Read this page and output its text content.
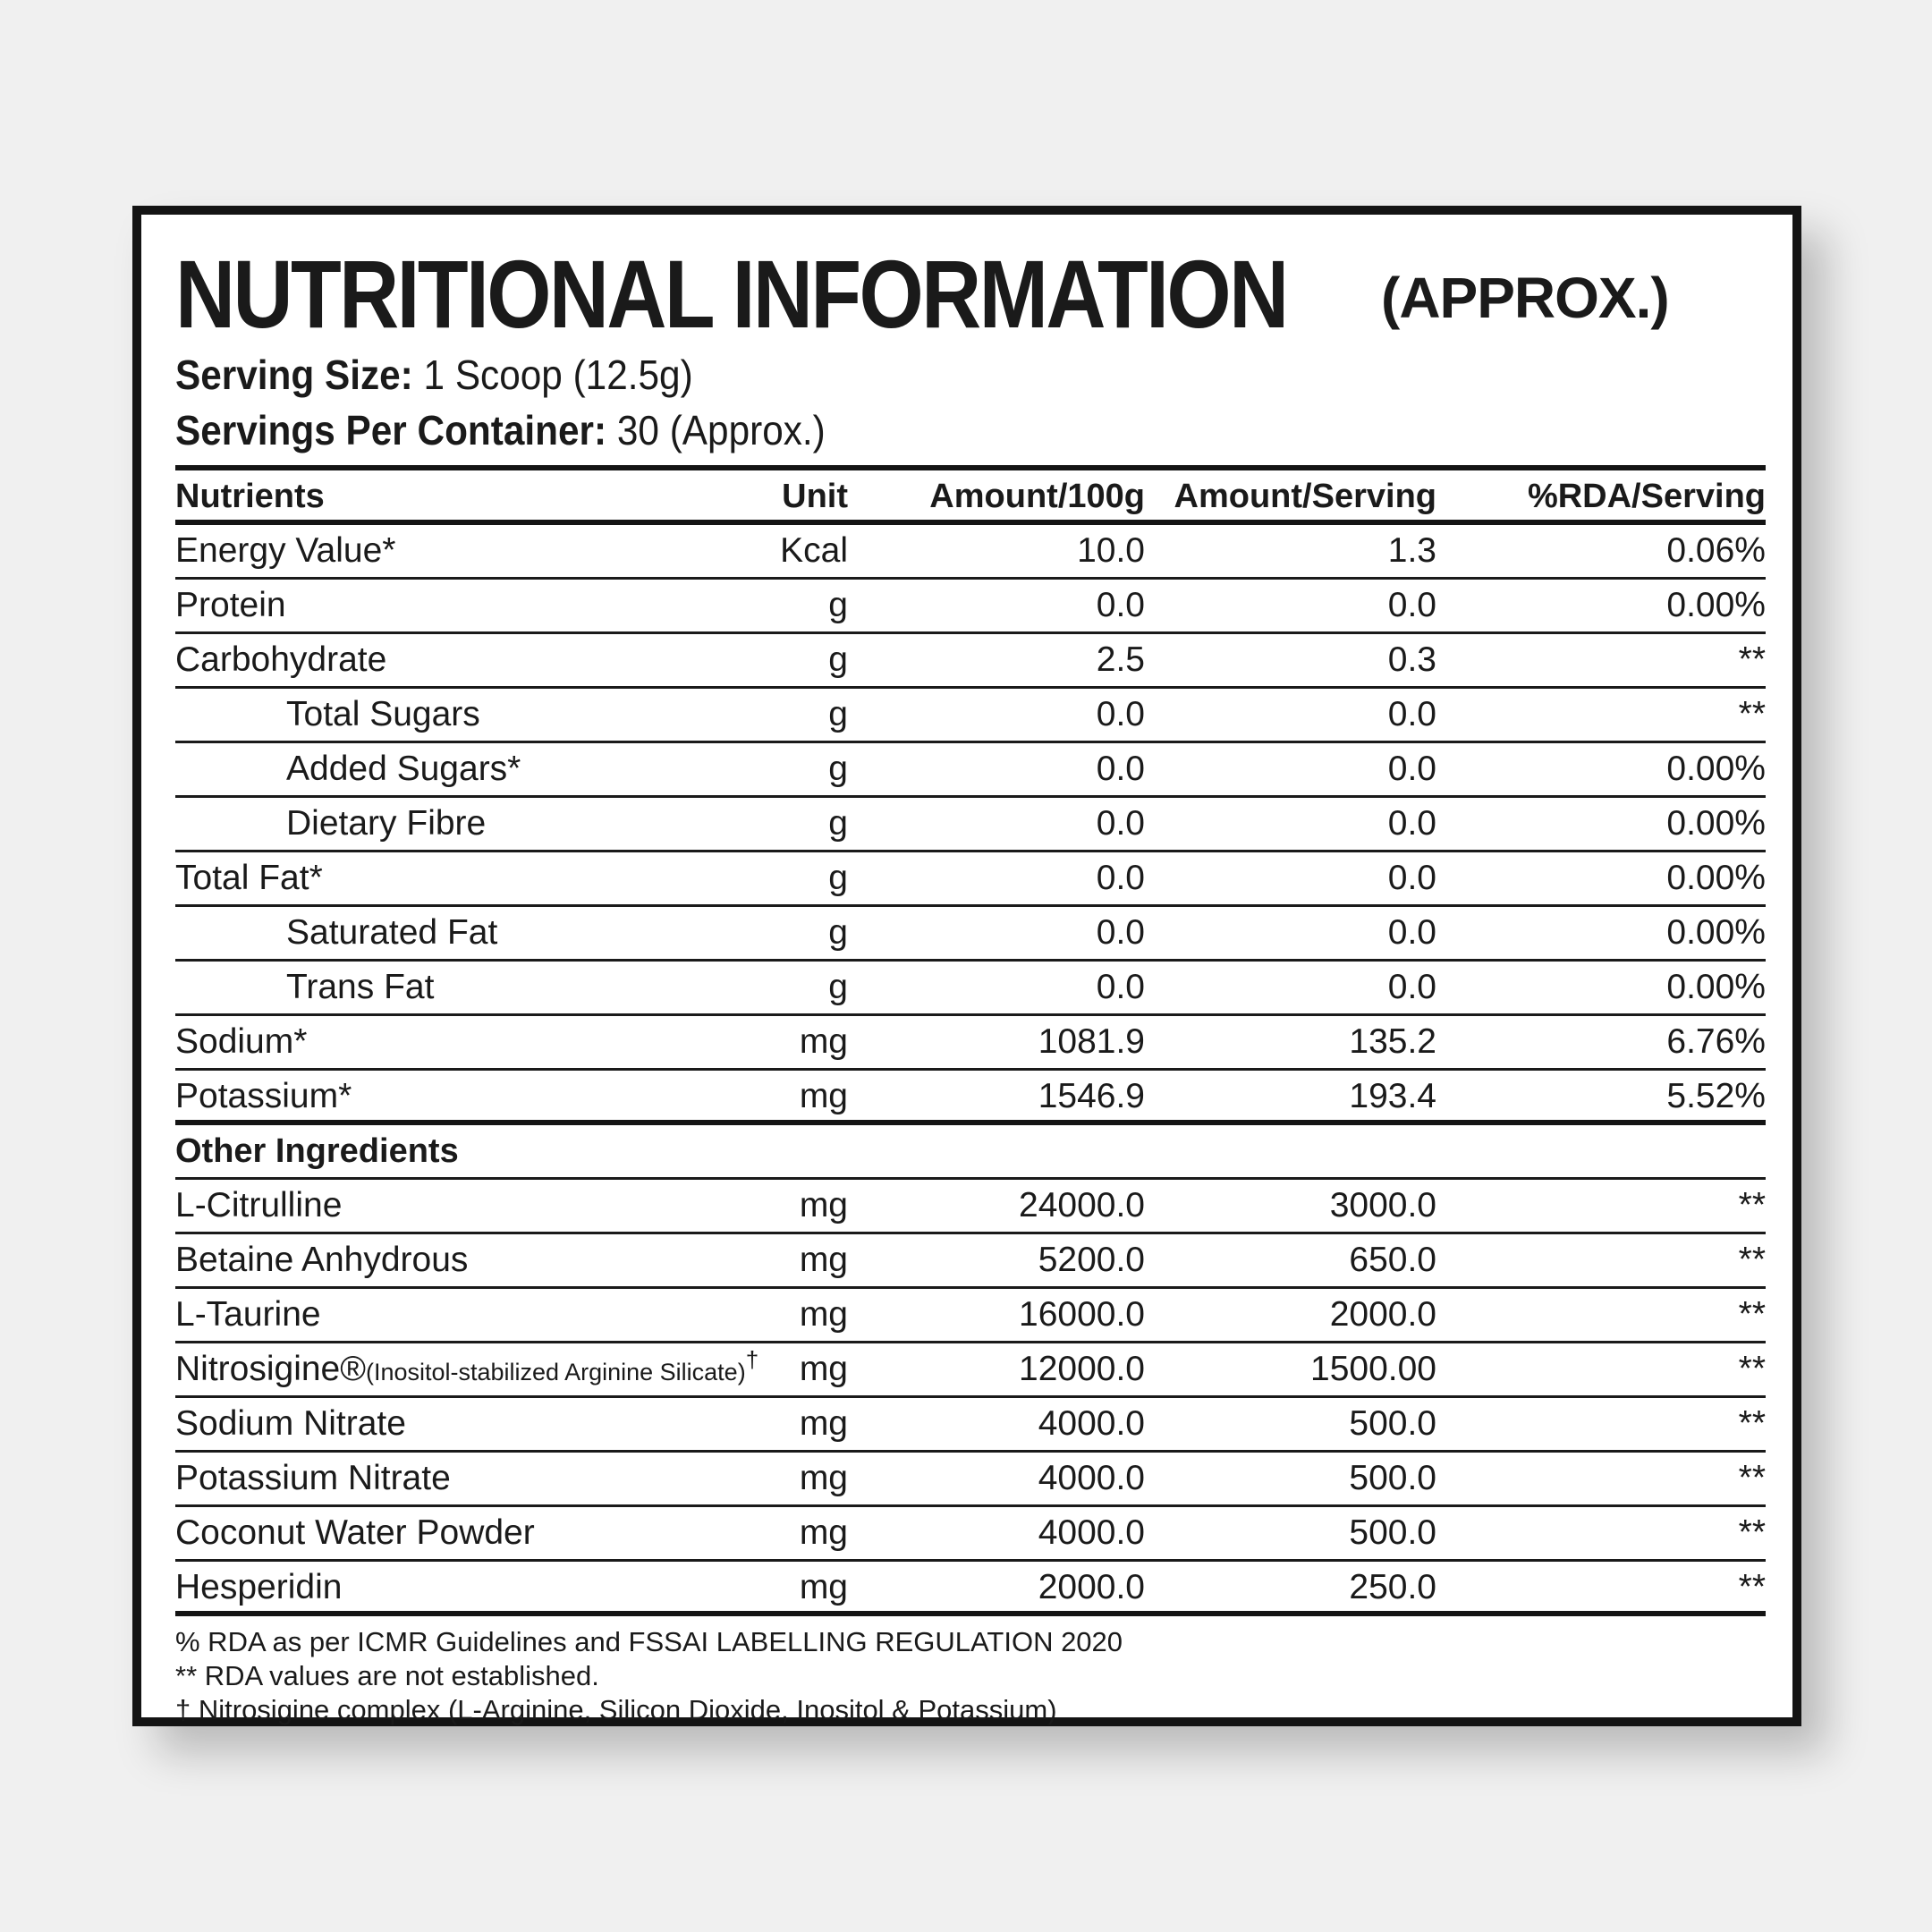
NUTRITIONAL INFORMATION (APPROX.)
Serving Size: 1 Scoop (12.5g)
Servings Per Container: 30 (Approx.)
Nutrients	Unit Amount/100g Amount/Serving	%RDA/Serving
Energy Value*	Kcal	10.0	1.3	0.06%
Protein	g	0.0	0.0	0.00%
Carbohydrate	g	2.5	0.3	**
Total Sugars	g	0.0	0.0	**
Added Sugars*	g	0.0	0.0	0.00%
Dietary Fibre	g	0.0	0.0	0.00%
Total Fat*	g	0.0	0.0	0.00%
Saturated Fat	g	0.0	0.0	0.00%
Trans Fat	g	0.0	0.0	0.00%
Sodium*	mg	1081.9	135.2	6.76%
Potassium*	mg	1546.9	193.4	5.52%
Other Ingredients
L-Citrulline	mg	24000.0	3000.0	**
Betaine Anhydrous	mg	5200.0	650.0	**
L-Taurine	mg	16000.0	2000.0	**
Nitrosigine®(Inositol-stabilized Arginine Silicate)† mg	12000.0	1500.00	**
Sodium Nitrate	mg	4000.0	500.0	**
Potassium Nitrate	mg	4000.0	500.0	**
Coconut Water Powder	mg	4000.0	500.0	**
Hesperidin	mg	2000.0	250.0	**
% RDA as per ICMR Guidelines and FSSAI LABELLING REGULATION 2020
** RDA values are not established.
† Nitrosigine complex (L-Arginine, Silicon Dioxide, Inositol & Potassium)
